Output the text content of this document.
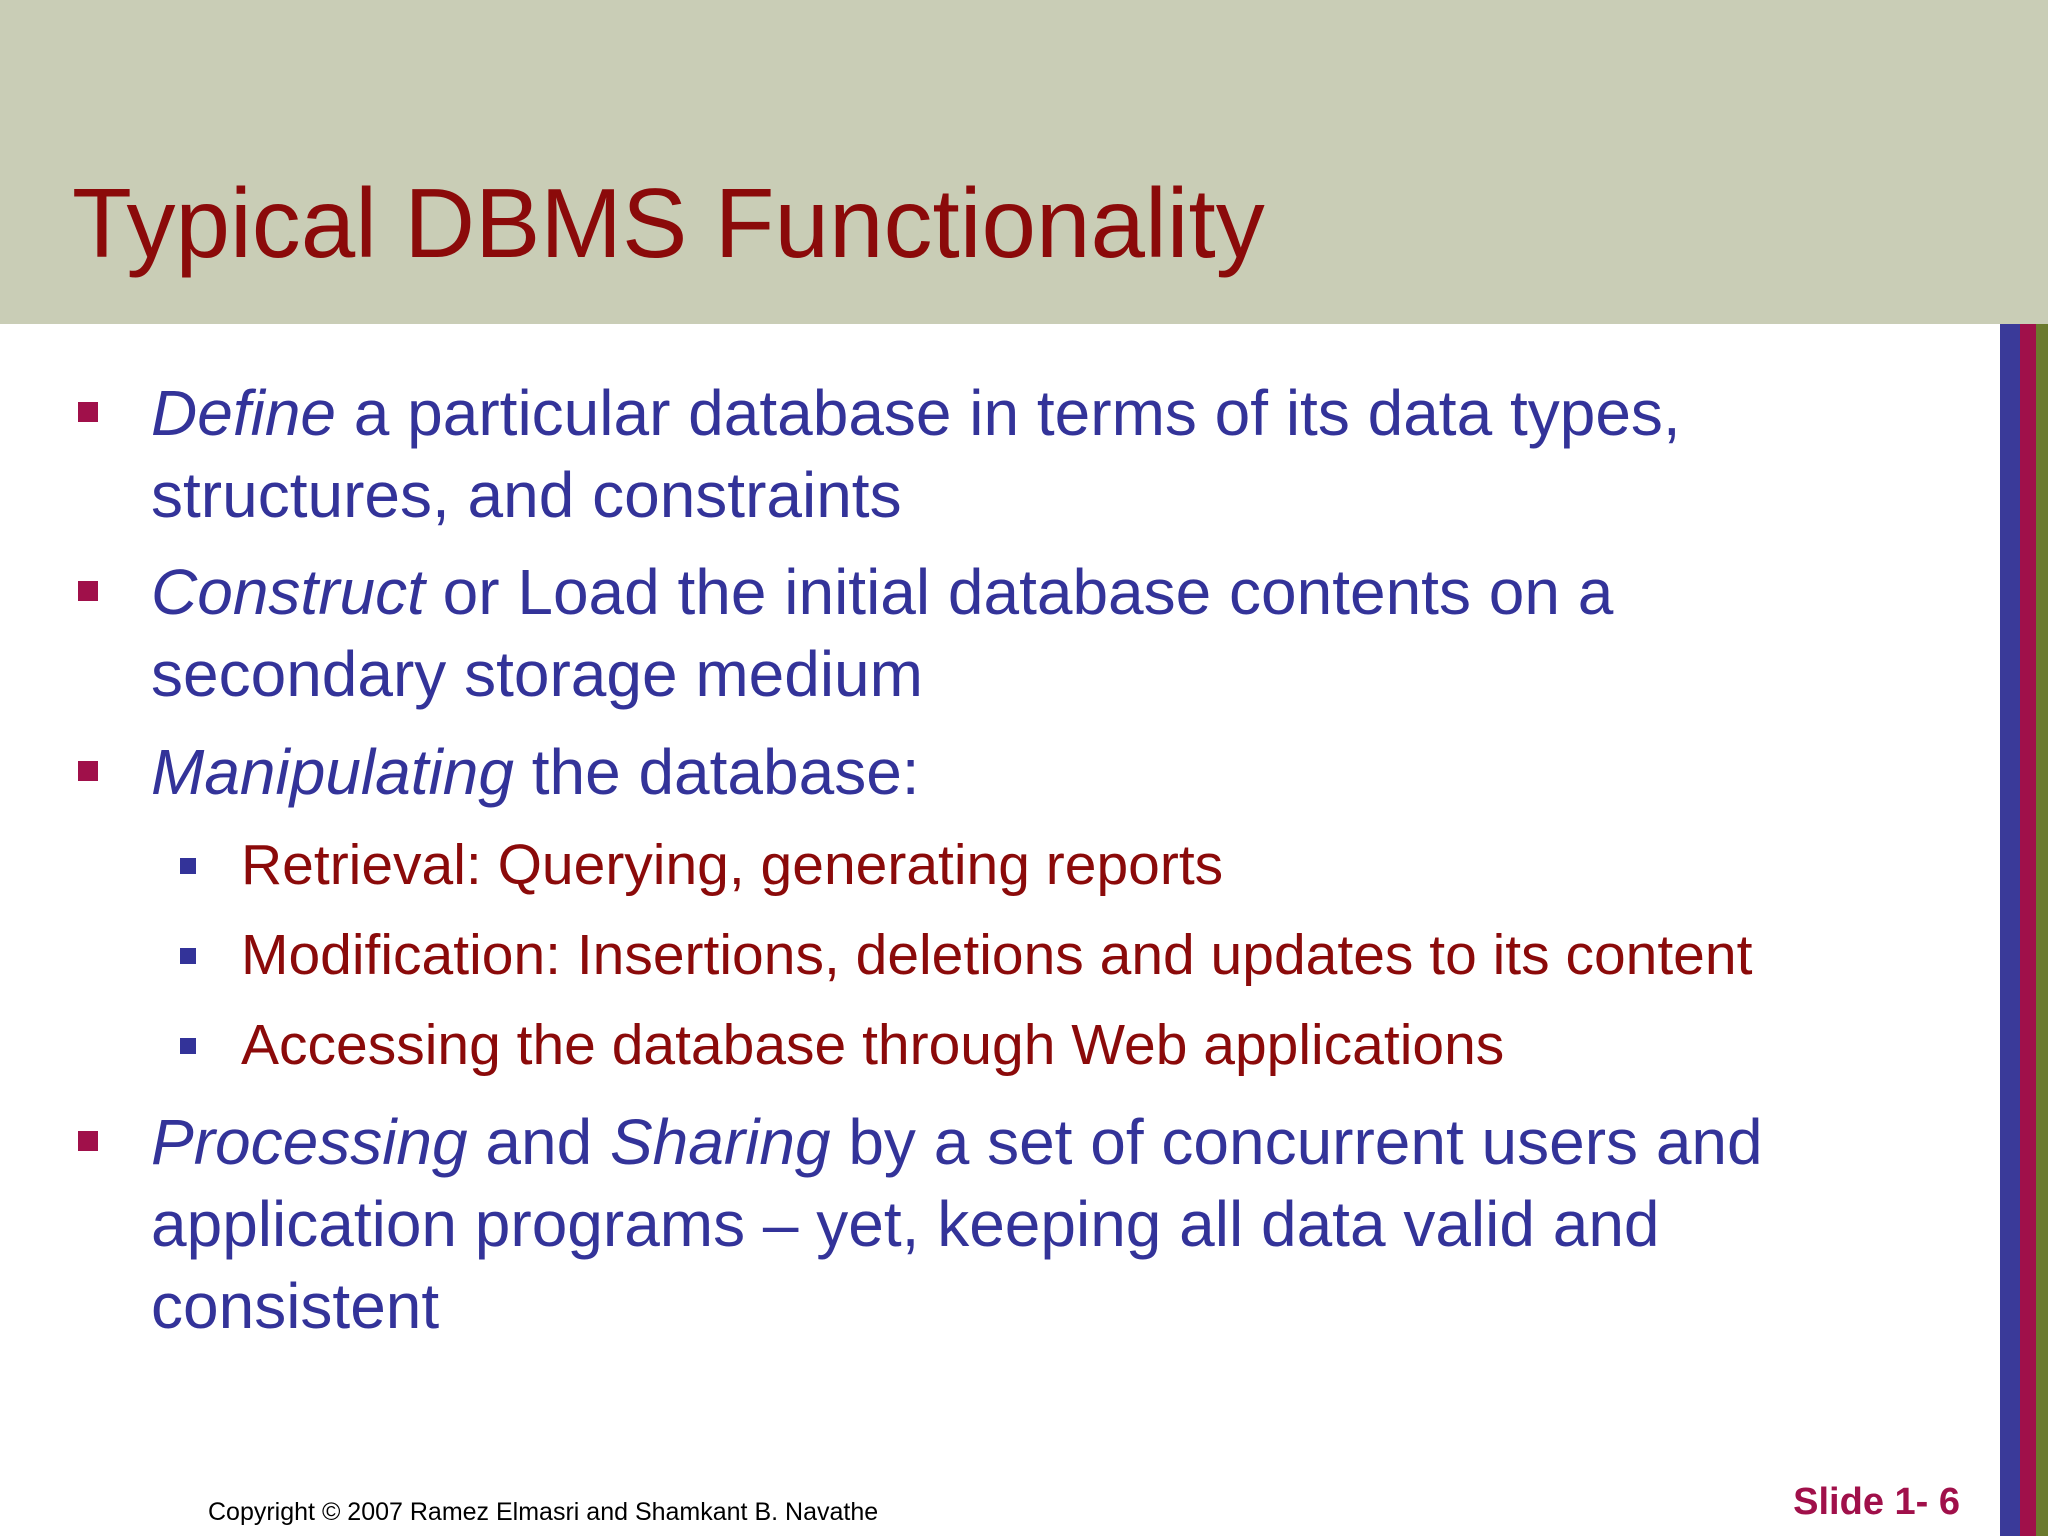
Typical DBMS Functionality
Define a particular database in terms of its data types,
structures, and constraints
Construct or Load the initial database contents on a
secondary storage medium
Manipulating the database:
Retrieval: Querying, generating reports
Modification: Insertions, deletions and updates to its content
Accessing the database through Web applications
Processing and Sharing by a set of concurrent users and
application programs – yet, keeping all data valid and
consistent
Copyright © 2007 Ramez Elmasri and Shamkant B. Navathe	Slide 1- 6
